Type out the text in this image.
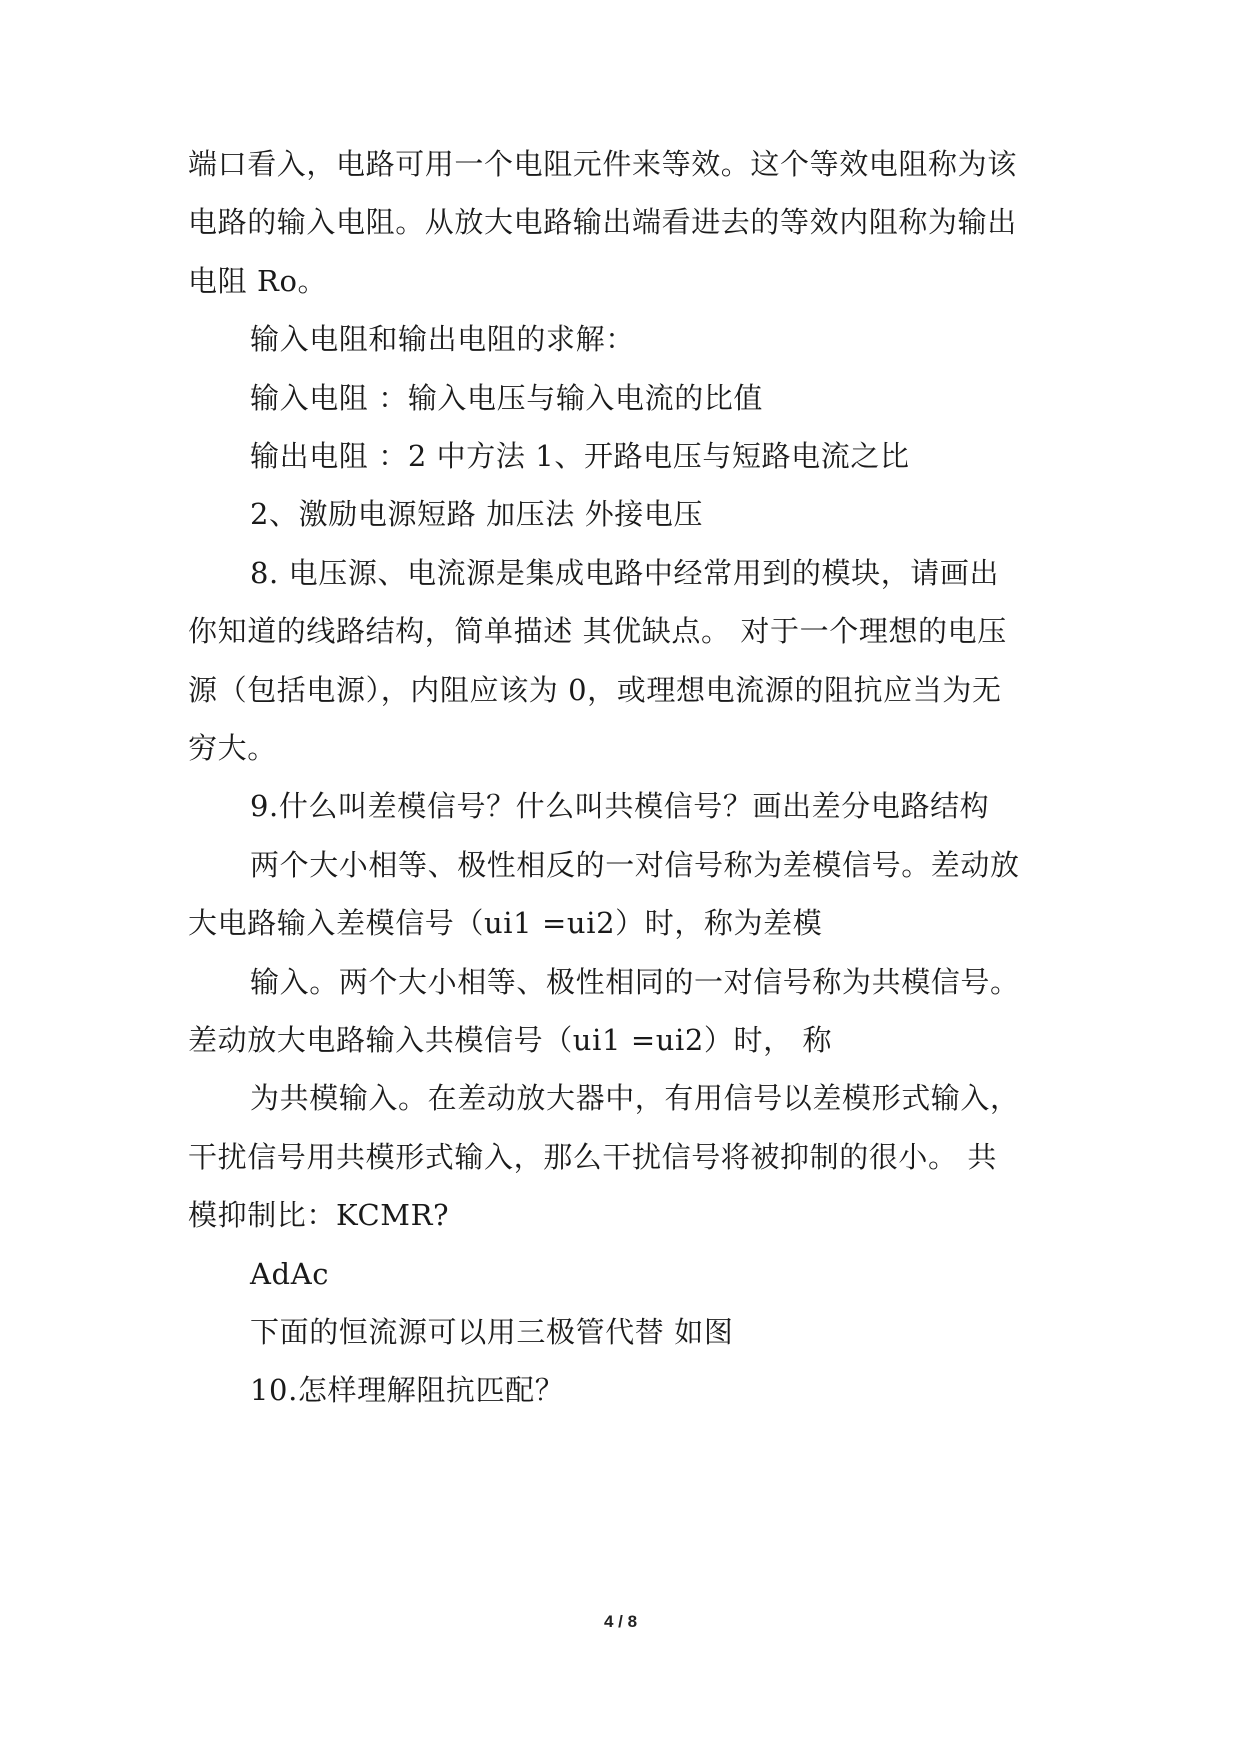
端口看入，电路可用一个电阻元件来等效。这个等效电阻称为该
电路的输入电阻。从放大电路输出端看进去的等效内阻称为输出
电阻 Ro。
输入电阻和输出电阻的求解：
输入电阻 ：输入电压与输入电流的比值
输出电阻 ：2 中方法 1、开路电压与短路电流之比
2、激励电源短路 加压法 外接电压
8. 电压源、电流源是集成电路中经常用到的模块，请画出
你知道的线路结构，简单描述 其优缺点。 对于一个理想的电压
源（包括电源），内阻应该为 0，或理想电流源的阻抗应当为无
穷大。
9.什么叫差模信号？什么叫共模信号？画出差分电路结构
两个大小相等、极性相反的一对信号称为差模信号。差动放
大电路输入差模信号（ui1 =ui2）时，称为差模
输入。两个大小相等、极性相同的一对信号称为共模信号。
差动放大电路输入共模信号（ui1 =ui2）时， 称
为共模输入。在差动放大器中，有用信号以差模形式输入，
干扰信号用共模形式输入，那么干扰信号将被抑制的很小。 共
模抑制比：KCMR?
AdAc
下面的恒流源可以用三极管代替 如图
10.怎样理解阻抗匹配？
4 / 8
